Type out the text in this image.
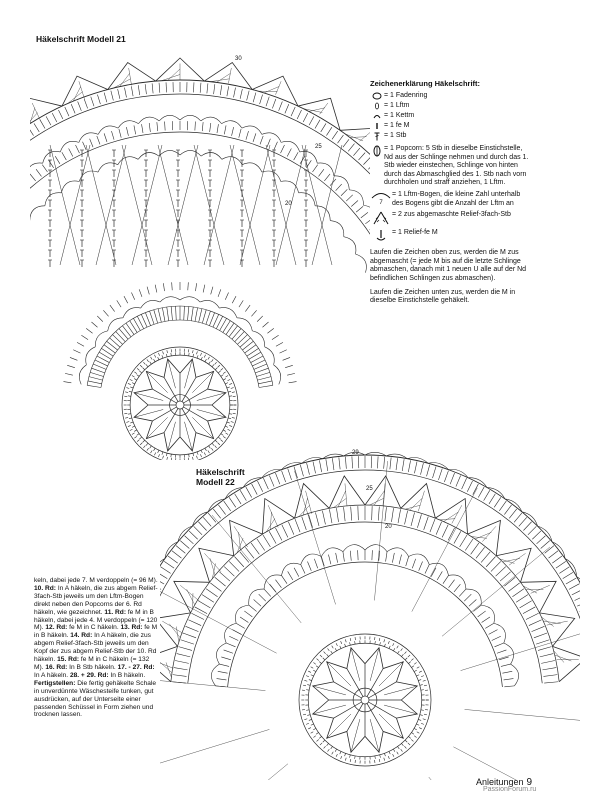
Häkelschrift Modell 21
Häkelschrift
Modell 22
30
25
20
29
25
20
Zeichenerklärung Häkelschrift:
= 1 Fadenring
= 1 Lftm
= 1 Kettm
= 1 fe M
= 1 Stb
= 1 Popcorn: 5 Stb in dieselbe Einstichstelle, Nd aus der Schlinge nehmen und durch das 1. Stb wieder einstechen, Schlinge von hinten durch das Abmaschglied des 1. Stb nach vorn durchholen und straff anziehen, 1 Lftm.
7
= 1 Lftm-Bogen, die kleine Zahl unterhalb des Bogens gibt die Anzahl der Lftm an
= 2 zus abgemaschte Relief-3fach-Stb
= 1 Relief-fe M
Laufen die Zeichen oben zus, werden die M zus abgemascht (= jede M bis auf die letzte Schlinge abmaschen, danach mit 1 neuen U alle auf der Nd befindlichen Schlingen zus abmaschen).
Laufen die Zeichen unten zus, werden die M in dieselbe Einstichstelle gehäkelt.
keln, dabei jede 7. M verdoppeln (= 96 M). 10. Rd: In A häkeln, die zus abgem Relief-3fach-Stb jeweils um den Lftm-Bogen direkt neben den Popcorns der 6. Rd häkeln, wie gezeichnet. 11. Rd: fe M in B häkeln, dabei jede 4. M verdoppeln (= 120 M). 12. Rd: fe M in C häkeln. 13. Rd: fe M in B häkeln. 14. Rd: In A häkeln, die zus abgem Relief-3fach-Stb jeweils um den Kopf der zus abgem Relief-Stb der 10. Rd häkeln. 15. Rd: fe M in C häkeln (= 132 M). 16. Rd: In B Stb häkeln. 17. - 27. Rd: In A häkeln. 28. + 29. Rd: In B häkeln. Fertigstellen: Die fertig gehäkelte Schale in unverdünnte Wäschesteife tunken, gut ausdrücken, auf der Unterseite einer passenden Schüssel in Form ziehen und trocknen lassen.
Anleitungen 9
PassionForum.ru
